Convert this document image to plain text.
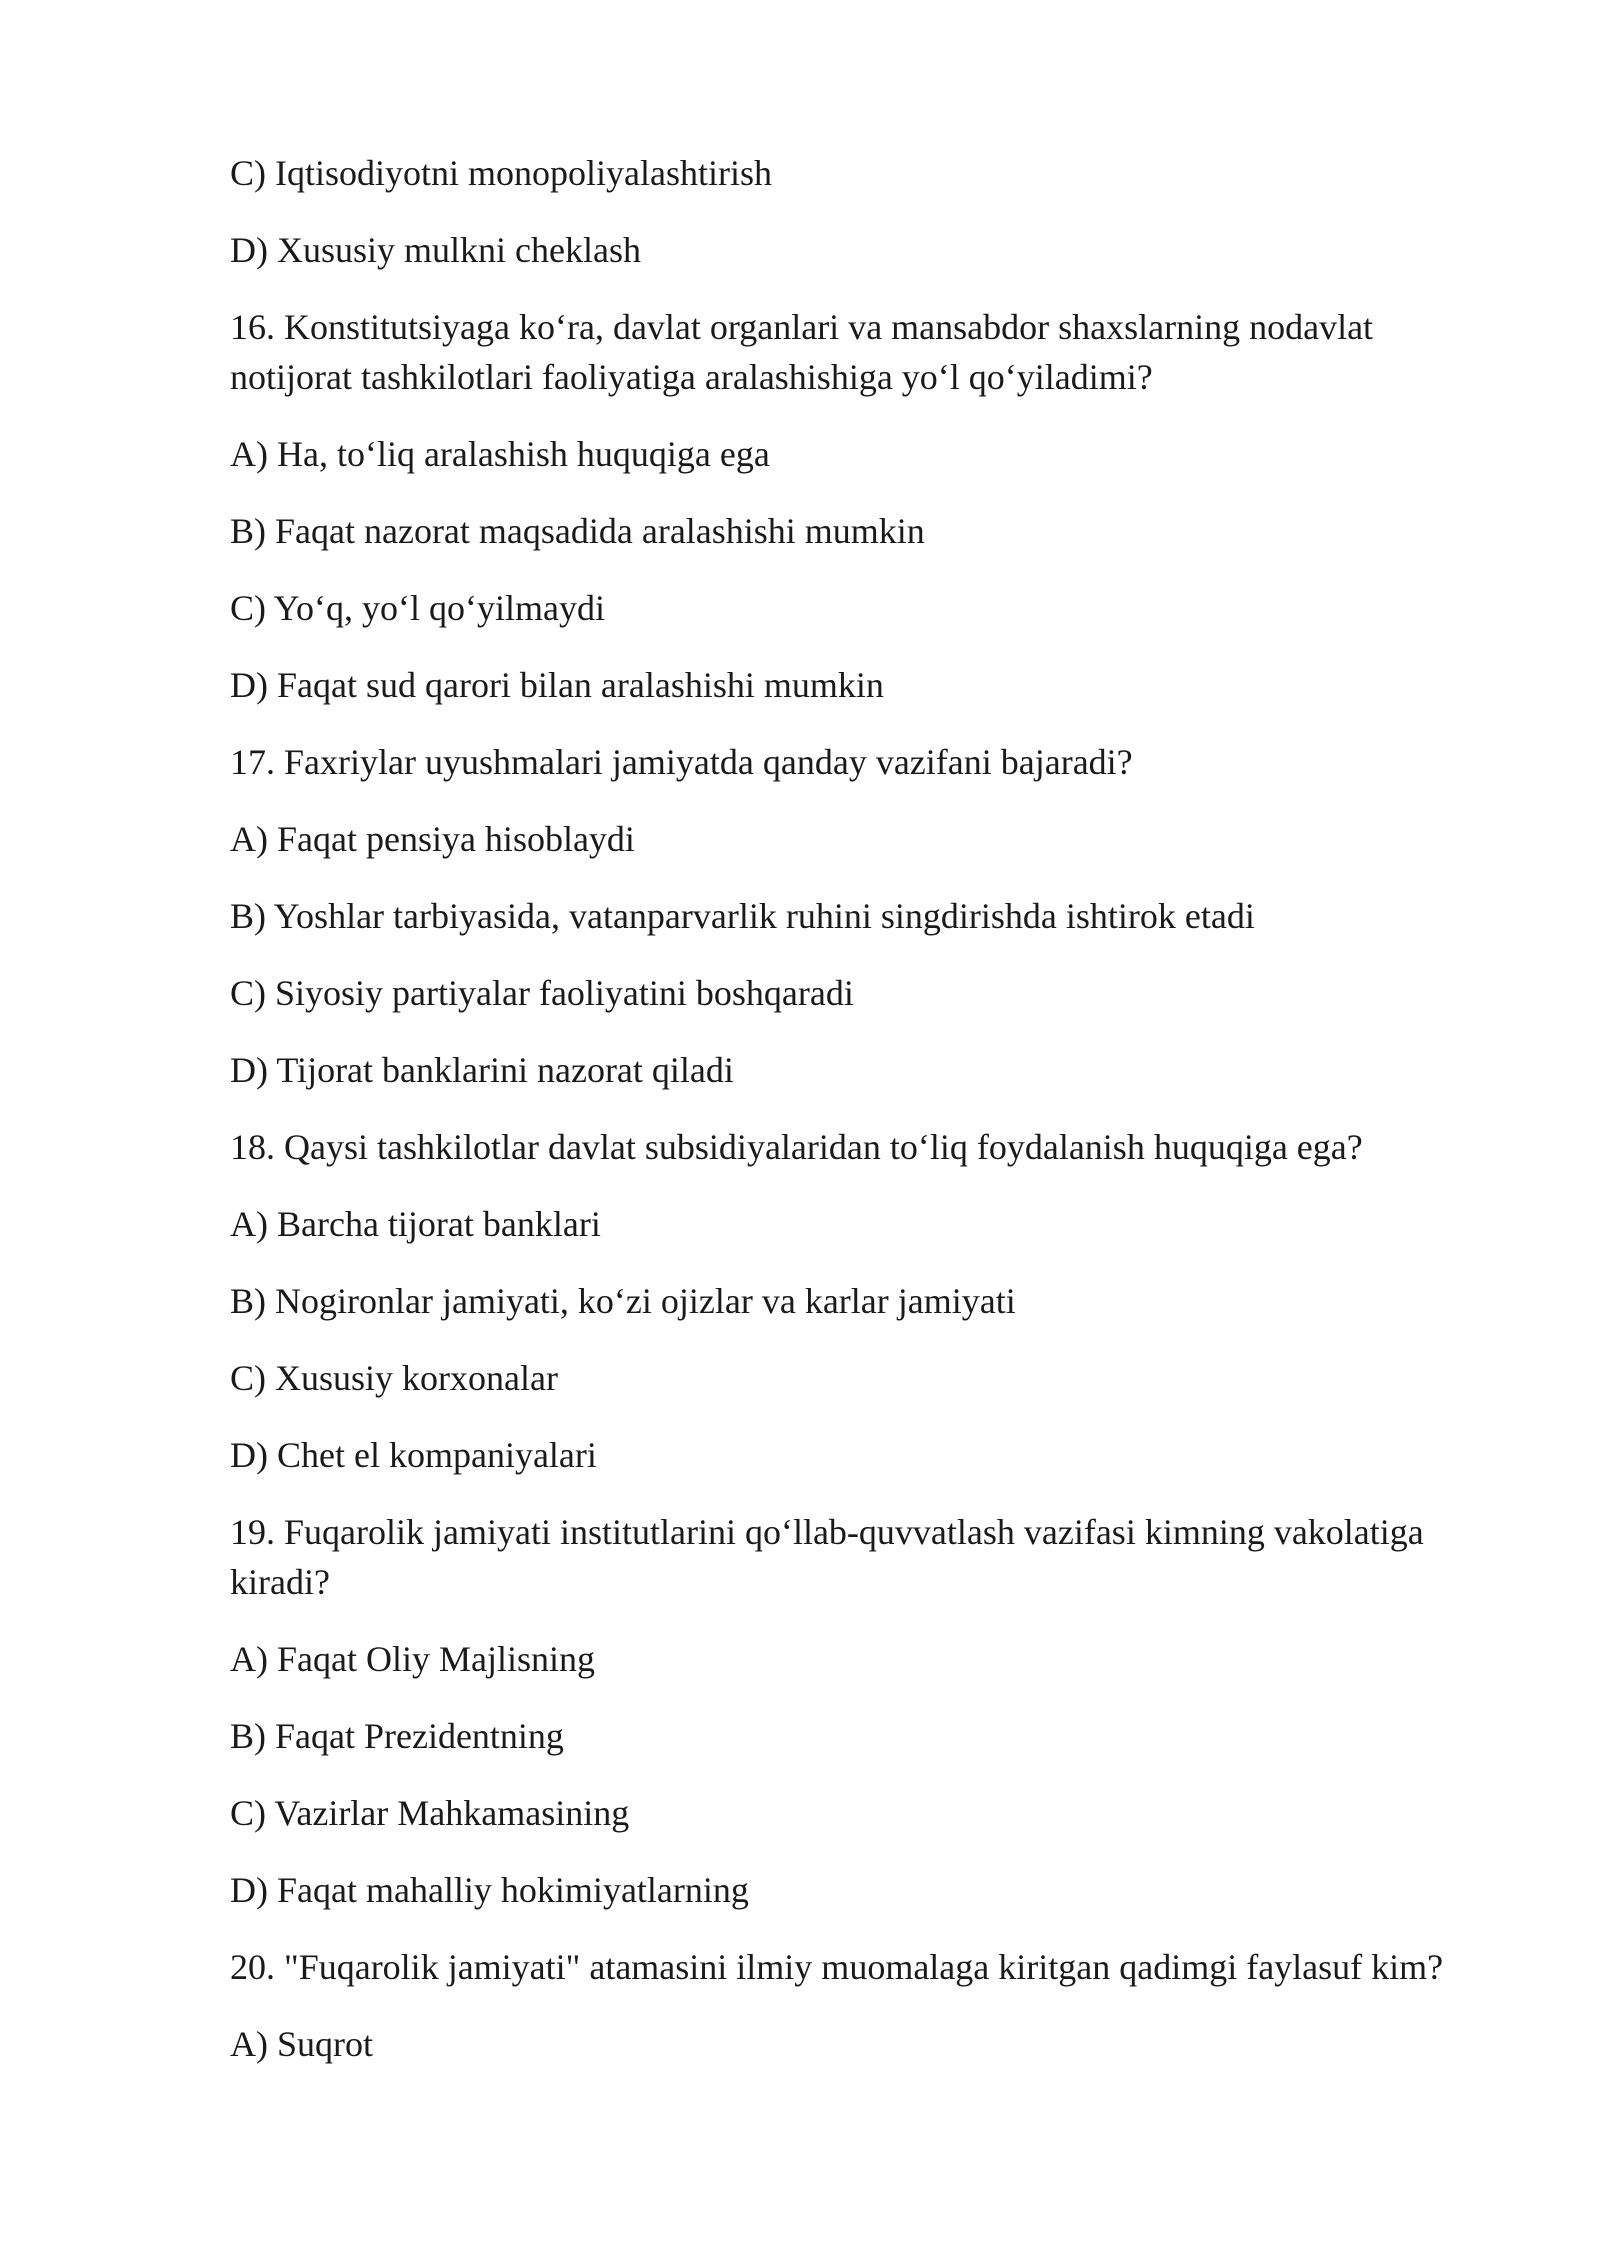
C) Iqtisodiyotni monopoliyalashtirish

D) Xususiy mulkni cheklash

16. Konstitutsiyaga ko‘ra, davlat organlari va mansabdor shaxslarning nodavlat notijorat tashkilotlari faoliyatiga aralashishiga yo‘l qo‘yiladimi?

A) Ha, to‘liq aralashish huquqiga ega

B) Faqat nazorat maqsadida aralashishi mumkin

C) Yo‘q, yo‘l qo‘yilmaydi

D) Faqat sud qarori bilan aralashishi mumkin

17. Faxriylar uyushmalari jamiyatda qanday vazifani bajaradi?

A) Faqat pensiya hisoblaydi

B) Yoshlar tarbiyasida, vatanparvarlik ruhini singdirishda ishtirok etadi

C) Siyosiy partiyalar faoliyatini boshqaradi

D) Tijorat banklarini nazorat qiladi

18. Qaysi tashkilotlar davlat subsidiyalaridan to‘liq foydalanish huquqiga ega?

A) Barcha tijorat banklari

B) Nogironlar jamiyati, ko‘zi ojizlar va karlar jamiyati

C) Xususiy korxonalar

D) Chet el kompaniyalari

19. Fuqarolik jamiyati institutlarini qo‘llab-quvvatlash vazifasi kimning vakolatiga kiradi?

A) Faqat Oliy Majlisning

B) Faqat Prezidentning

C) Vazirlar Mahkamasining

D) Faqat mahalliy hokimiyatlarning

20. "Fuqarolik jamiyati" atamasini ilmiy muomalaga kiritgan qadimgi faylasuf kim?

A) Suqrot
